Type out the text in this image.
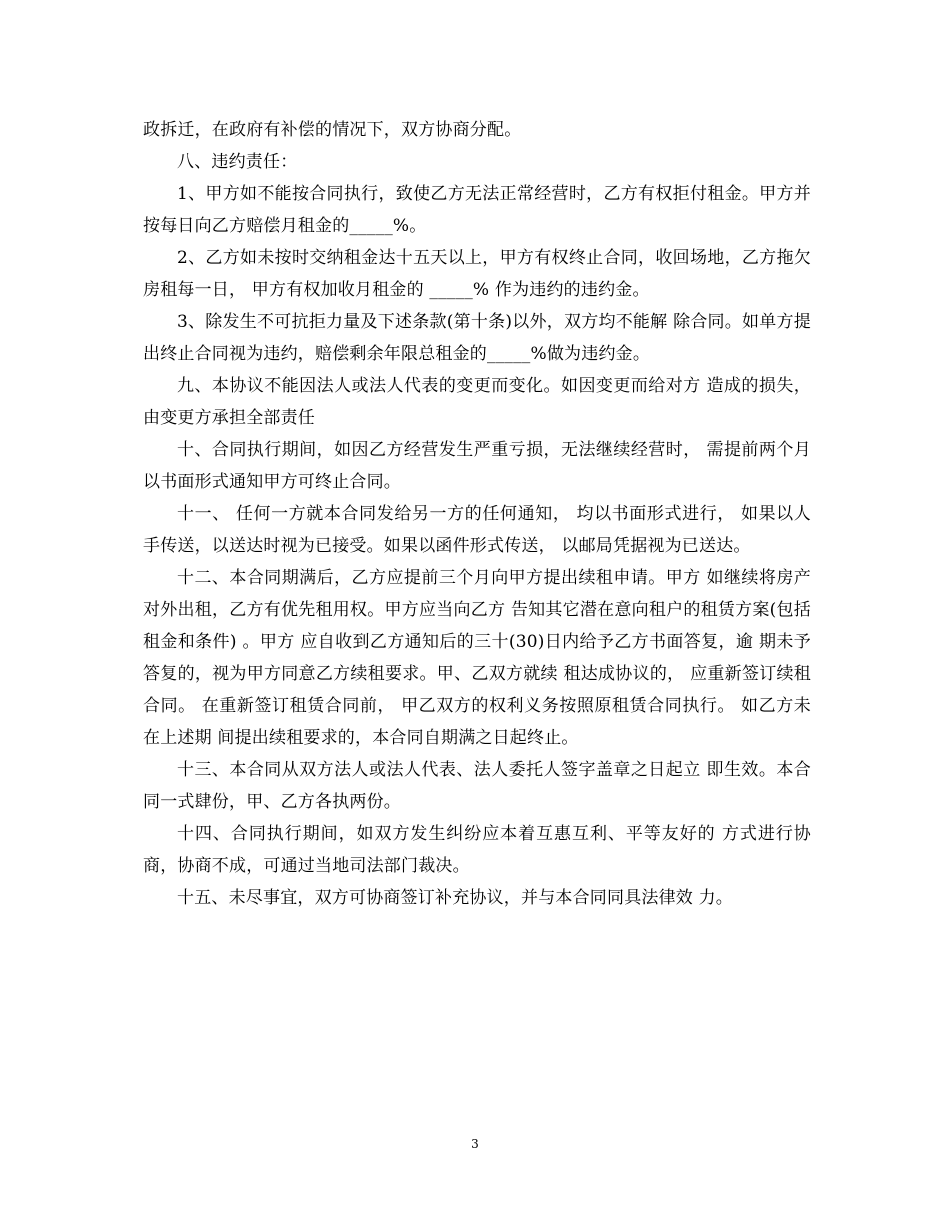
政拆迁，在政府有补偿的情况下，双方协商分配。

八、违约责任：

1、甲方如不能按合同执行，致使乙方无法正常经营时，乙方有权拒付租金。甲方并按每日向乙方赔偿月租金的_____%。

2、乙方如未按时交纳租金达十五天以上，甲方有权终止合同，收回场地，乙方拖欠房租每一日， 甲方有权加收月租金的 _____% 作为违约的违约金。

3、除发生不可抗拒力量及下述条款(第十条)以外，双方均不能解 除合同。如单方提出终止合同视为违约，赔偿剩余年限总租金的_____%做为违约金。

九、本协议不能因法人或法人代表的变更而变化。如因变更而给对方 造成的损失，由变更方承担全部责任

十、合同执行期间，如因乙方经营发生严重亏损，无法继续经营时， 需提前两个月以书面形式通知甲方可终止合同。

十一、 任何一方就本合同发给另一方的任何通知， 均以书面形式进行， 如果以人手传送，以送达时视为已接受。如果以函件形式传送， 以邮局凭据视为已送达。

十二、本合同期满后，乙方应提前三个月向甲方提出续租申请。甲方 如继续将房产对外出租，乙方有优先租用权。甲方应当向乙方 告知其它潜在意向租户的租赁方案(包括租金和条件) 。甲方 应自收到乙方通知后的三十(30)日内给予乙方书面答复，逾 期未予答复的，视为甲方同意乙方续租要求。甲、乙双方就续 租达成协议的， 应重新签订续租合同。 在重新签订租赁合同前， 甲乙双方的权利义务按照原租赁合同执行。 如乙方未在上述期 间提出续租要求的，本合同自期满之日起终止。

十三、本合同从双方法人或法人代表、法人委托人签字盖章之日起立 即生效。本合同一式肆份，甲、乙方各执两份。

十四、合同执行期间，如双方发生纠纷应本着互惠互利、平等友好的 方式进行协商，协商不成，可通过当地司法部门裁决。

十五、未尽事宜，双方可协商签订补充协议，并与本合同同具法律效 力。

3
